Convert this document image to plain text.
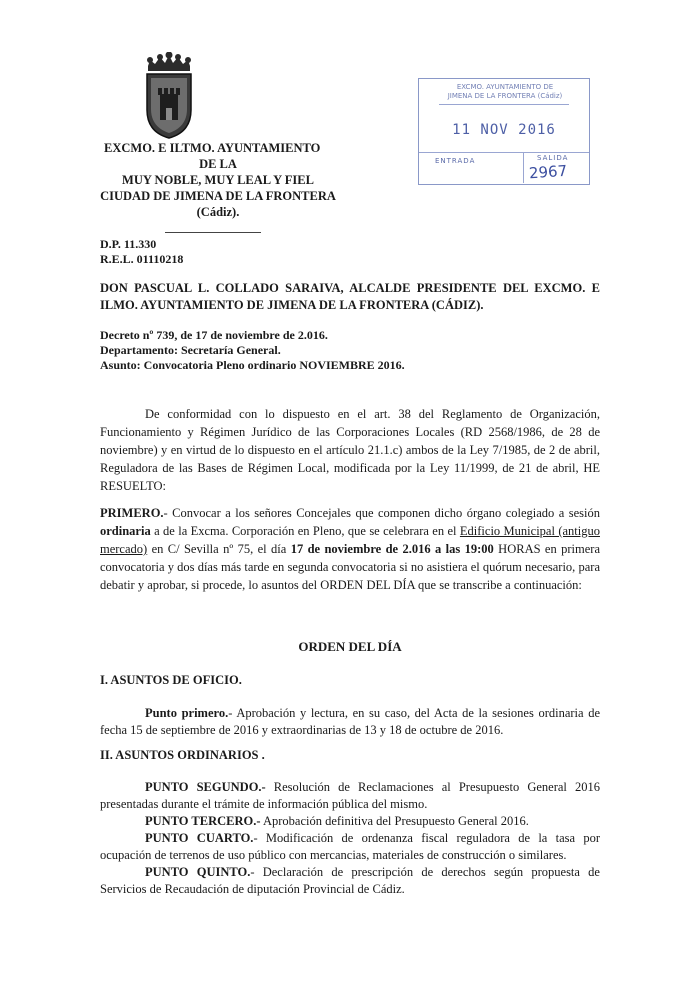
EXCMO. E ILTMO. AYUNTAMIENTO
DE LA
MUY NOBLE, MUY LEAL Y FIEL
CIUDAD DE JIMENA DE LA FRONTERA
(Cádiz).
D.P. 11.330
R.E.L. 01110218
EXCMO. AYUNTAMIENTO DE
JIMENA DE LA FRONTERA (Cádiz)
11 NOV 2016
ENTRADA	SALIDA
2967
DON PASCUAL L. COLLADO SARAIVA, ALCALDE PRESIDENTE DEL EXCMO. E ILMO. AYUNTAMIENTO DE JIMENA DE LA FRONTERA (CÁDIZ).
Decreto nº 739, de 17 de noviembre de 2.016.
Departamento: Secretaría General.
Asunto: Convocatoria Pleno ordinario NOVIEMBRE 2016.

De conformidad con lo dispuesto en el art. 38 del Reglamento de Organización, Funcionamiento y Régimen Jurídico de las Corporaciones Locales (RD 2568/1986, de 28 de noviembre) y en virtud de lo dispuesto en el artículo 21.1.c) ambos de la Ley 7/1985, de 2 de abril, Reguladora de las Bases de Régimen Local, modificada por la Ley 11/1999, de 21 de abril, HE RESUELTO:

PRIMERO.- Convocar a los señores Concejales que componen dicho órgano colegiado a sesión ordinaria a de la Excma. Corporación en Pleno, que se celebrara en el Edificio Municipal (antiguo mercado) en C/ Sevilla nº 75, el día 17 de noviembre de 2.016 a las 19:00 HORAS en primera convocatoria y dos días más tarde en segunda convocatoria si no asistiera el quórum necesario, para debatir y aprobar, si procede, lo asuntos del ORDEN DEL DÍA que se transcribe a continuación:

ORDEN DEL DÍA
I. ASUNTOS DE OFICIO.

Punto primero.- Aprobación y lectura, en su caso, del Acta de la sesiones ordinaria de fecha 15 de septiembre de 2016 y extraordinarias de 13 y 18 de octubre de 2016.

II. ASUNTOS ORDINARIOS .

PUNTO SEGUNDO.- Resolución de Reclamaciones al Presupuesto General 2016 presentadas durante el trámite de información pública del mismo.

PUNTO TERCERO.- Aprobación definitiva del Presupuesto General 2016.

PUNTO CUARTO.- Modificación de ordenanza fiscal reguladora de la tasa por ocupación de terrenos de uso público con mercancias, materiales de construcción o similares.

PUNTO QUINTO.- Declaración de prescripción de derechos según propuesta de Servicios de Recaudación de diputación Provincial de Cádiz.
